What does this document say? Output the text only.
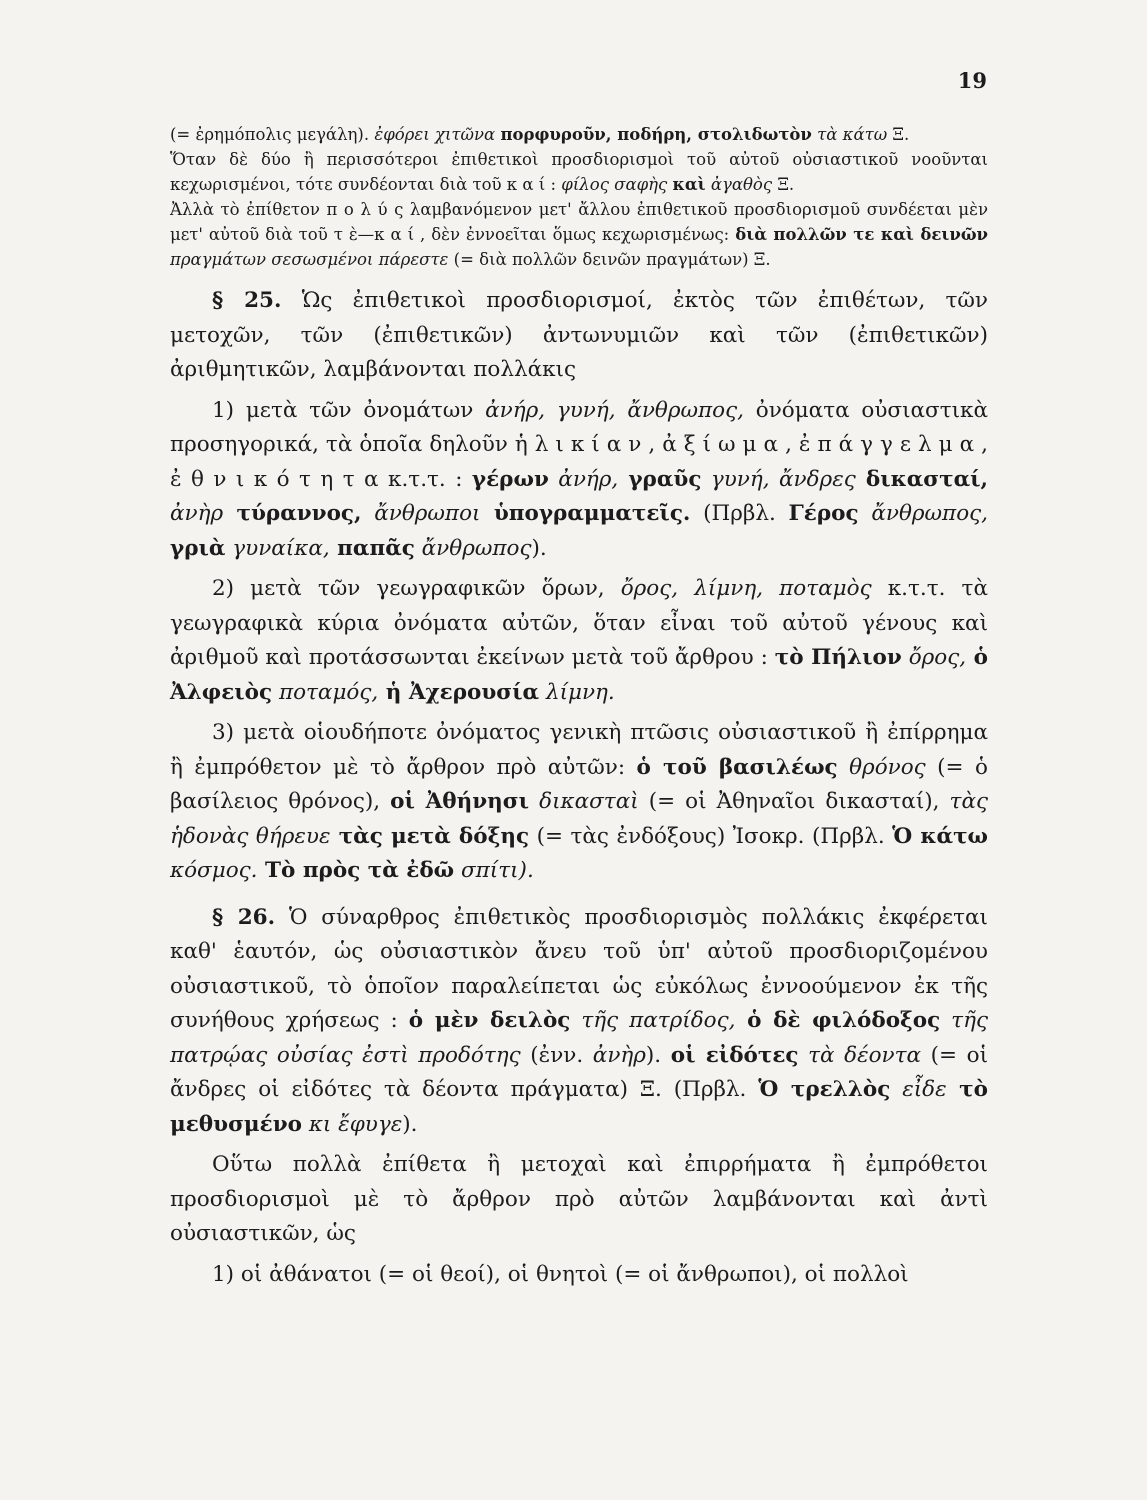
19

(= ἐρημόπολις μεγάλη). ἐφόρει χιτῶνα πορφυροῦν, ποδήρη, στολιδωτὸν τὰ κάτω Ξ.

Ὅταν δὲ δύο ἢ περισσότεροι ἐπιθετικοὶ προσδιορισμοὶ τοῦ αὐτοῦ οὐσιαστικοῦ νοοῦνται κεχωρισμένοι, τότε συνδέονται διὰ τοῦ κ α ί : φίλος σαφὴς καὶ ἀγαθὸς Ξ.

Ἀλλὰ τὸ ἐπίθετον π ο λ ύ ς λαμβανόμενον μετ' ἄλλου ἐπιθετικοῦ προσδιορισμοῦ συνδέεται μὲν μετ' αὐτοῦ διὰ τοῦ τ ὲ—κ α ί , δὲν ἐννοεῖται ὅμως κεχωρισμένως: διὰ πολλῶν τε καὶ δεινῶν πραγμάτων σεσωσμένοι πάρεστε (= διὰ πολλῶν δεινῶν πραγμάτων) Ξ.

§ 25. Ὡς ἐπιθετικοὶ προσδιορισμοί, ἐκτὸς τῶν ἐπιθέτων, τῶν μετοχῶν, τῶν (ἐπιθετικῶν) ἀντωνυμιῶν καὶ τῶν (ἐπιθετικῶν) ἀριθμητικῶν, λαμβάνονται πολλάκις

1) μετὰ τῶν ὀνομάτων ἀνήρ, γυνή, ἄνθρωπος, ὀνόματα οὐσιαστικὰ προσηγορικά, τὰ ὁποῖα δηλοῦν ἡ λ ι κ ί α ν , ἀ ξ ί ω μ α , ἐ π ά γ γ ε λ μ α , ἐ θ ν ι κ ό τ η τ α κ.τ.τ. : γέρων ἀνήρ, γραῦς γυνή, ἄνδρες δικασταί, ἀνὴρ τύραννος, ἄνθρωποι ὑπογραμματεῖς. (Πρβλ. Γέρος ἄνθρωπος, γριὰ γυναίκα, παπᾶς ἄνθρωπος).

2) μετὰ τῶν γεωγραφικῶν ὅρων, ὄρος, λίμνη, ποταμὸς κ.τ.τ. τὰ γεωγραφικὰ κύρια ὀνόματα αὐτῶν, ὅταν εἶναι τοῦ αὐτοῦ γένους καὶ ἀριθμοῦ καὶ προτάσσωνται ἐκείνων μετὰ τοῦ ἄρθρου : τὸ Πήλιον ὄρος, ὁ Ἀλφειὸς ποταμός, ἡ Ἀχερουσία λίμνη.

3) μετὰ οἱουδήποτε ὀνόματος γενικὴ πτῶσις οὐσιαστικοῦ ἢ ἐπίρρημα ἢ ἐμπρόθετον μὲ τὸ ἄρθρον πρὸ αὐτῶν: ὁ τοῦ βασιλέως θρόνος (= ὁ βασίλειος θρόνος), οἱ Ἀθήνησι δικασταὶ (= οἱ Ἀθηναῖοι δικασταί), τὰς ἡδονὰς θήρευε τὰς μετὰ δόξης (= τὰς ἐνδόξους) Ἰσοκρ. (Πρβλ. Ὁ κάτω κόσμος. Τὸ πρὸς τὰ ἐδῶ σπίτι).

§ 26. Ὁ σύναρθρος ἐπιθετικὸς προσδιορισμὸς πολλάκις ἐκφέρεται καθ' ἑαυτόν, ὡς οὐσιαστικὸν ἄνευ τοῦ ὑπ' αὐτοῦ προσδιοριζομένου οὐσιαστικοῦ, τὸ ὁποῖον παραλείπεται ὡς εὐκόλως ἐννοούμενον ἐκ τῆς συνήθους χρήσεως : ὁ μὲν δειλὸς τῆς πατρίδος, ὁ δὲ φιλόδοξος τῆς πατρῴας οὐσίας ἐστὶ προδότης (ἐνν. ἀνὴρ). οἱ εἰδότες τὰ δέοντα (= οἱ ἄνδρες οἱ εἰδότες τὰ δέοντα πράγματα) Ξ. (Πρβλ. Ὁ τρελλὸς εἶδε τὸ μεθυσμένο κι ἔφυγε).

Οὕτω πολλὰ ἐπίθετα ἢ μετοχαὶ καὶ ἐπιρρήματα ἢ ἐμπρόθετοι προσδιορισμοὶ μὲ τὸ ἄρθρον πρὸ αὐτῶν λαμβάνονται καὶ ἀντὶ οὐσιαστικῶν, ὡς

1) οἱ ἀθάνατοι (= οἱ θεοί), οἱ θνητοὶ (= οἱ ἄνθρωποι), οἱ πολλοὶ
